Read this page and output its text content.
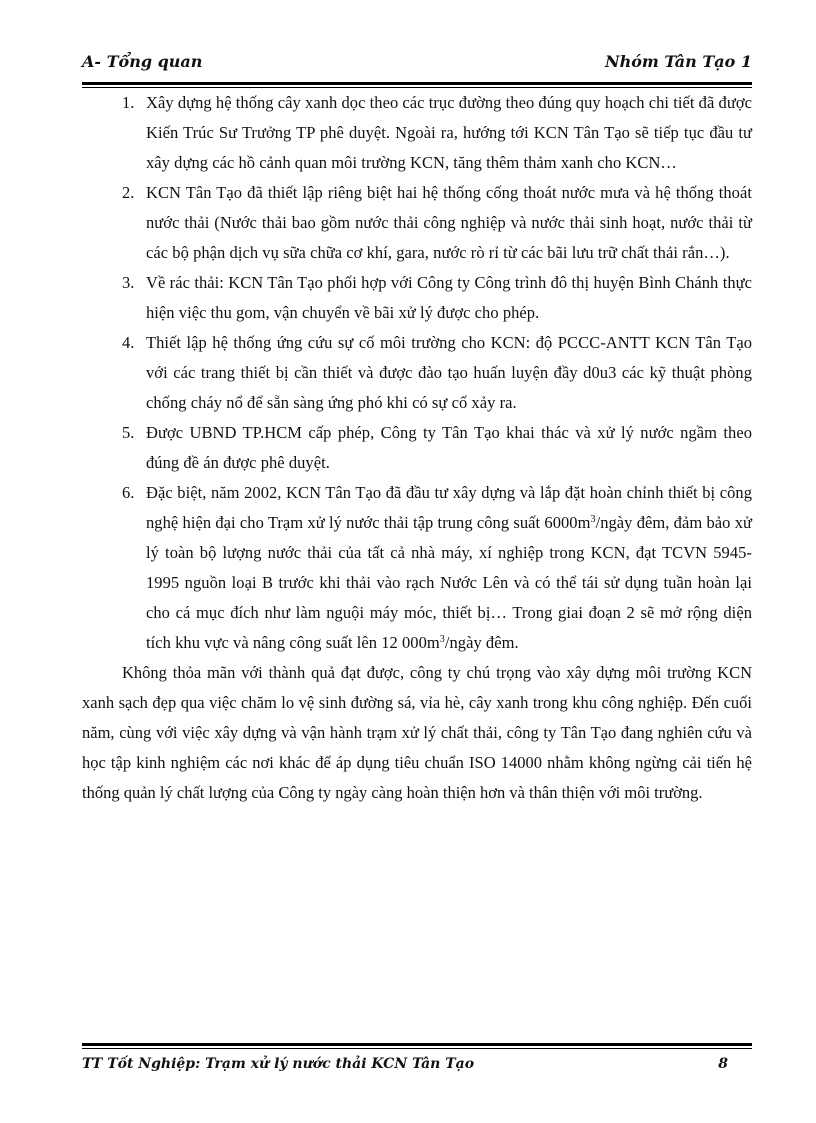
A- Tổng quan	Nhóm Tân Tạo 1
1. Xây dựng hệ thống cây xanh dọc theo các trục đường theo đúng quy hoạch chi tiết đã được Kiến Trúc Sư Trưởng TP phê duyệt. Ngoài ra, hướng tới KCN Tân Tạo sẽ tiếp tục đầu tư xây dựng các hồ cảnh quan môi trường KCN, tăng thêm thảm xanh cho KCN…
2. KCN Tân Tạo đã thiết lập riêng biệt hai hệ thống cống thoát nước mưa và hệ thống thoát nước thải (Nước thải bao gồm nước thải công nghiệp và nước thải sinh hoạt, nước thải từ các bộ phận dịch vụ sữa chữa cơ khí, gara, nước rò rỉ từ các bãi lưu trữ chất thải rắn…).
3. Về rác thải: KCN Tân Tạo phối hợp với Công ty Công trình đô thị huyện Bình Chánh thực hiện việc thu gom, vận chuyển về bãi xử lý được cho phép.
4. Thiết lập hệ thống ứng cứu sự cố môi trường cho KCN: độ PCCC-ANTT KCN Tân Tạo với các trang thiết bị cần thiết và được đào tạo huấn luyện đầy d0u3 các kỹ thuật phòng chống cháy nổ để sẵn sàng ứng phó khi có sự cố xảy ra.
5. Được UBND TP.HCM cấp phép, Công ty Tân Tạo khai thác và xử lý nước ngầm theo đúng đề án được phê duyệt.
6. Đặc biệt, năm 2002, KCN Tân Tạo đã đầu tư xây dựng và lắp đặt hoàn chỉnh thiết bị công nghệ hiện đại cho Trạm xử lý nước thải tập trung công suất $6000m^3$/ngày đêm, đảm bảo xử lý toàn bộ lượng nước thải của tất cả nhà máy, xí nghiệp trong KCN, đạt TCVN 5945-1995 nguồn loại B trước khi thải vào rạch Nước Lên và có thể tái sử dụng tuần hoàn lại cho cá mục đích như làm nguội máy móc, thiết bị… Trong giai đoạn 2 sẽ mở rộng diện tích khu vực và nâng công suất lên 12 $000m^3$/ngày đêm.

Không thỏa mãn với thành quả đạt được, công ty chú trọng vào xây dựng môi trường KCN xanh sạch đẹp qua việc chăm lo vệ sinh đường sá, vỉa hè, cây xanh trong khu công nghiệp. Đến cuối năm, cùng với việc xây dựng và vận hành trạm xử lý chất thải, công ty Tân Tạo đang nghiên cứu và học tập kinh nghiệm các nơi khác để áp dụng tiêu chuẩn ISO 14000 nhằm không ngừng cải tiến hệ thống quản lý chất lượng của Công ty ngày càng hoàn thiện hơn và thân thiện với môi trường.

TT Tốt Nghiệp: Trạm xử lý nước thải KCN Tân Tạo	8
